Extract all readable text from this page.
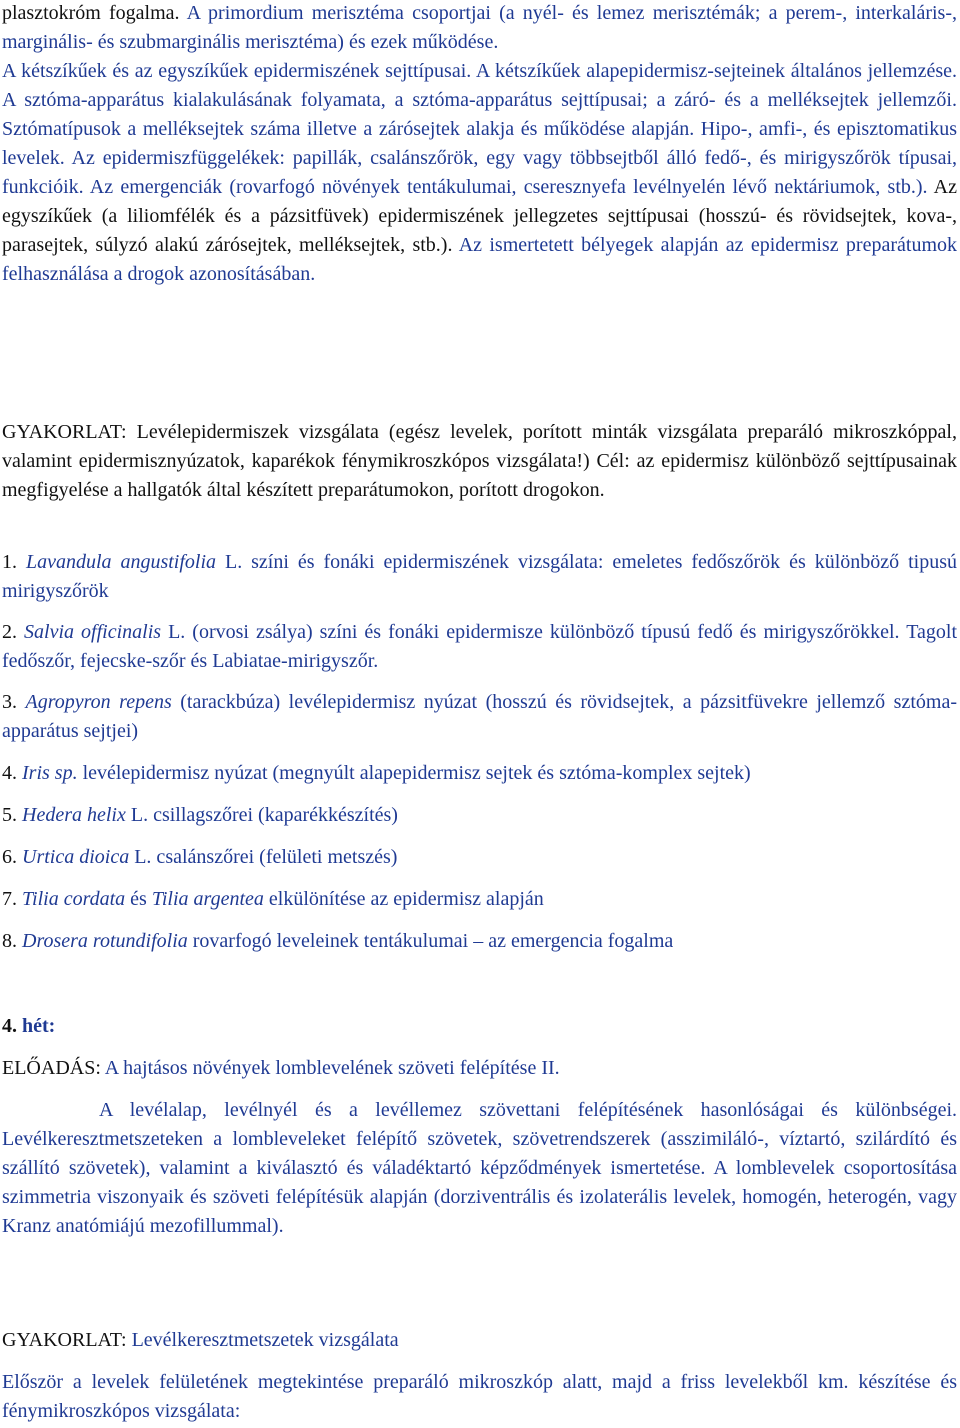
plasztokróm fogalma. A primordium merisztéma csoportjai (a nyél- és lemez merisztémák; a perem-, interkaláris-, marginális- és szubmarginális merisztéma) és ezek működése.

A kétszíkűek és az egyszíkűek epidermiszének sejttípusai. A kétszíkűek alapepidermisz-sejteinek általános jellemzése. A sztóma-apparátus kialakulásának folyamata, a sztóma-apparátus sejttípusai; a záró- és a melléksejtek jellemzői. Sztómatípusok a melléksejtek száma illetve a zárósejtek alakja és működése alapján. Hipo-, amfi-, és episztomatikus levelek. Az epidermiszfüggelékek: papillák, csalánszőrök, egy vagy többsejtből álló fedő-, és mirigyszőrök típusai, funkcióik. Az emergenciák (rovarfogó növények tentákulumai, cseresznyefa levélnyelén lévő nektáriumok, stb.). Az egyszíkűek (a liliomfélék és a pázsitfüvek) epidermiszének jellegzetes sejttípusai (hosszú- és rövidsejtek, kova-, parasejtek, súlyzó alakú zárósejtek, melléksejtek, stb.). Az ismertetett bélyegek alapján az epidermisz preparátumok felhasználása a drogok azonosításában.

GYAKORLAT: Levélepidermiszek vizsgálata (egész levelek, porított minták vizsgálata preparáló mikroszkóppal, valamint epidermisznyúzatok, kaparékok fénymikroszkópos vizsgálata!) Cél: az epidermisz különböző sejttípusainak megfigyelése a hallgatók által készített preparátumokon, porított drogokon.

1. Lavandula angustifolia L. színi és fonáki epidermiszének vizsgálata: emeletes fedőszőrök és különböző tipusú mirigyszőrök

2. Salvia officinalis L. (orvosi zsálya) színi és fonáki epidermisze különböző típusú fedő és mirigyszőrökkel. Tagolt fedőszőr, fejecske-szőr és Labiatae-mirigyszőr.

3. Agropyron repens (tarackbúza) levélepidermisz nyúzat (hosszú és rövidsejtek, a pázsitfüvekre jellemző sztóma-apparátus sejtjei)

4. Iris sp. levélepidermisz nyúzat (megnyúlt alapepidermisz sejtek és sztóma-komplex sejtek)

5. Hedera helix L. csillagszőrei (kaparékkészítés)

6. Urtica dioica L. csalánszőrei (felületi metszés)

7. Tilia cordata és Tilia argentea elkülönítése az epidermisz alapján

8. Drosera rotundifolia rovarfogó leveleinek tentákulumai – az emergencia fogalma

4. hét:

ELŐADÁS: A hajtásos növények lomblevelének szöveti felépítése II.

A levélalap, levélnyél és a levéllemez szövettani felépítésének hasonlóságai és különbségei. Levélkeresztmetszeteken a lombleveleket felépítő szövetek, szövetrendszerek (asszimiláló-, víztartó, szilárdító és szállító szövetek), valamint a kiválasztó és váladéktartó képződmények ismertetése. A lomblevelek csoportosítása szimmetria viszonyaik és szöveti felépítésük alapján (dorziventrális és izolaterális levelek, homogén, heterogén, vagy Kranz anatómiájú mezofillummal).

GYAKORLAT: Levélkeresztmetszetek vizsgálata

Először a levelek felületének megtekintése preparáló mikroszkóp alatt, majd a friss levelekből km. készítése és fénymikroszkópos vizsgálata:
